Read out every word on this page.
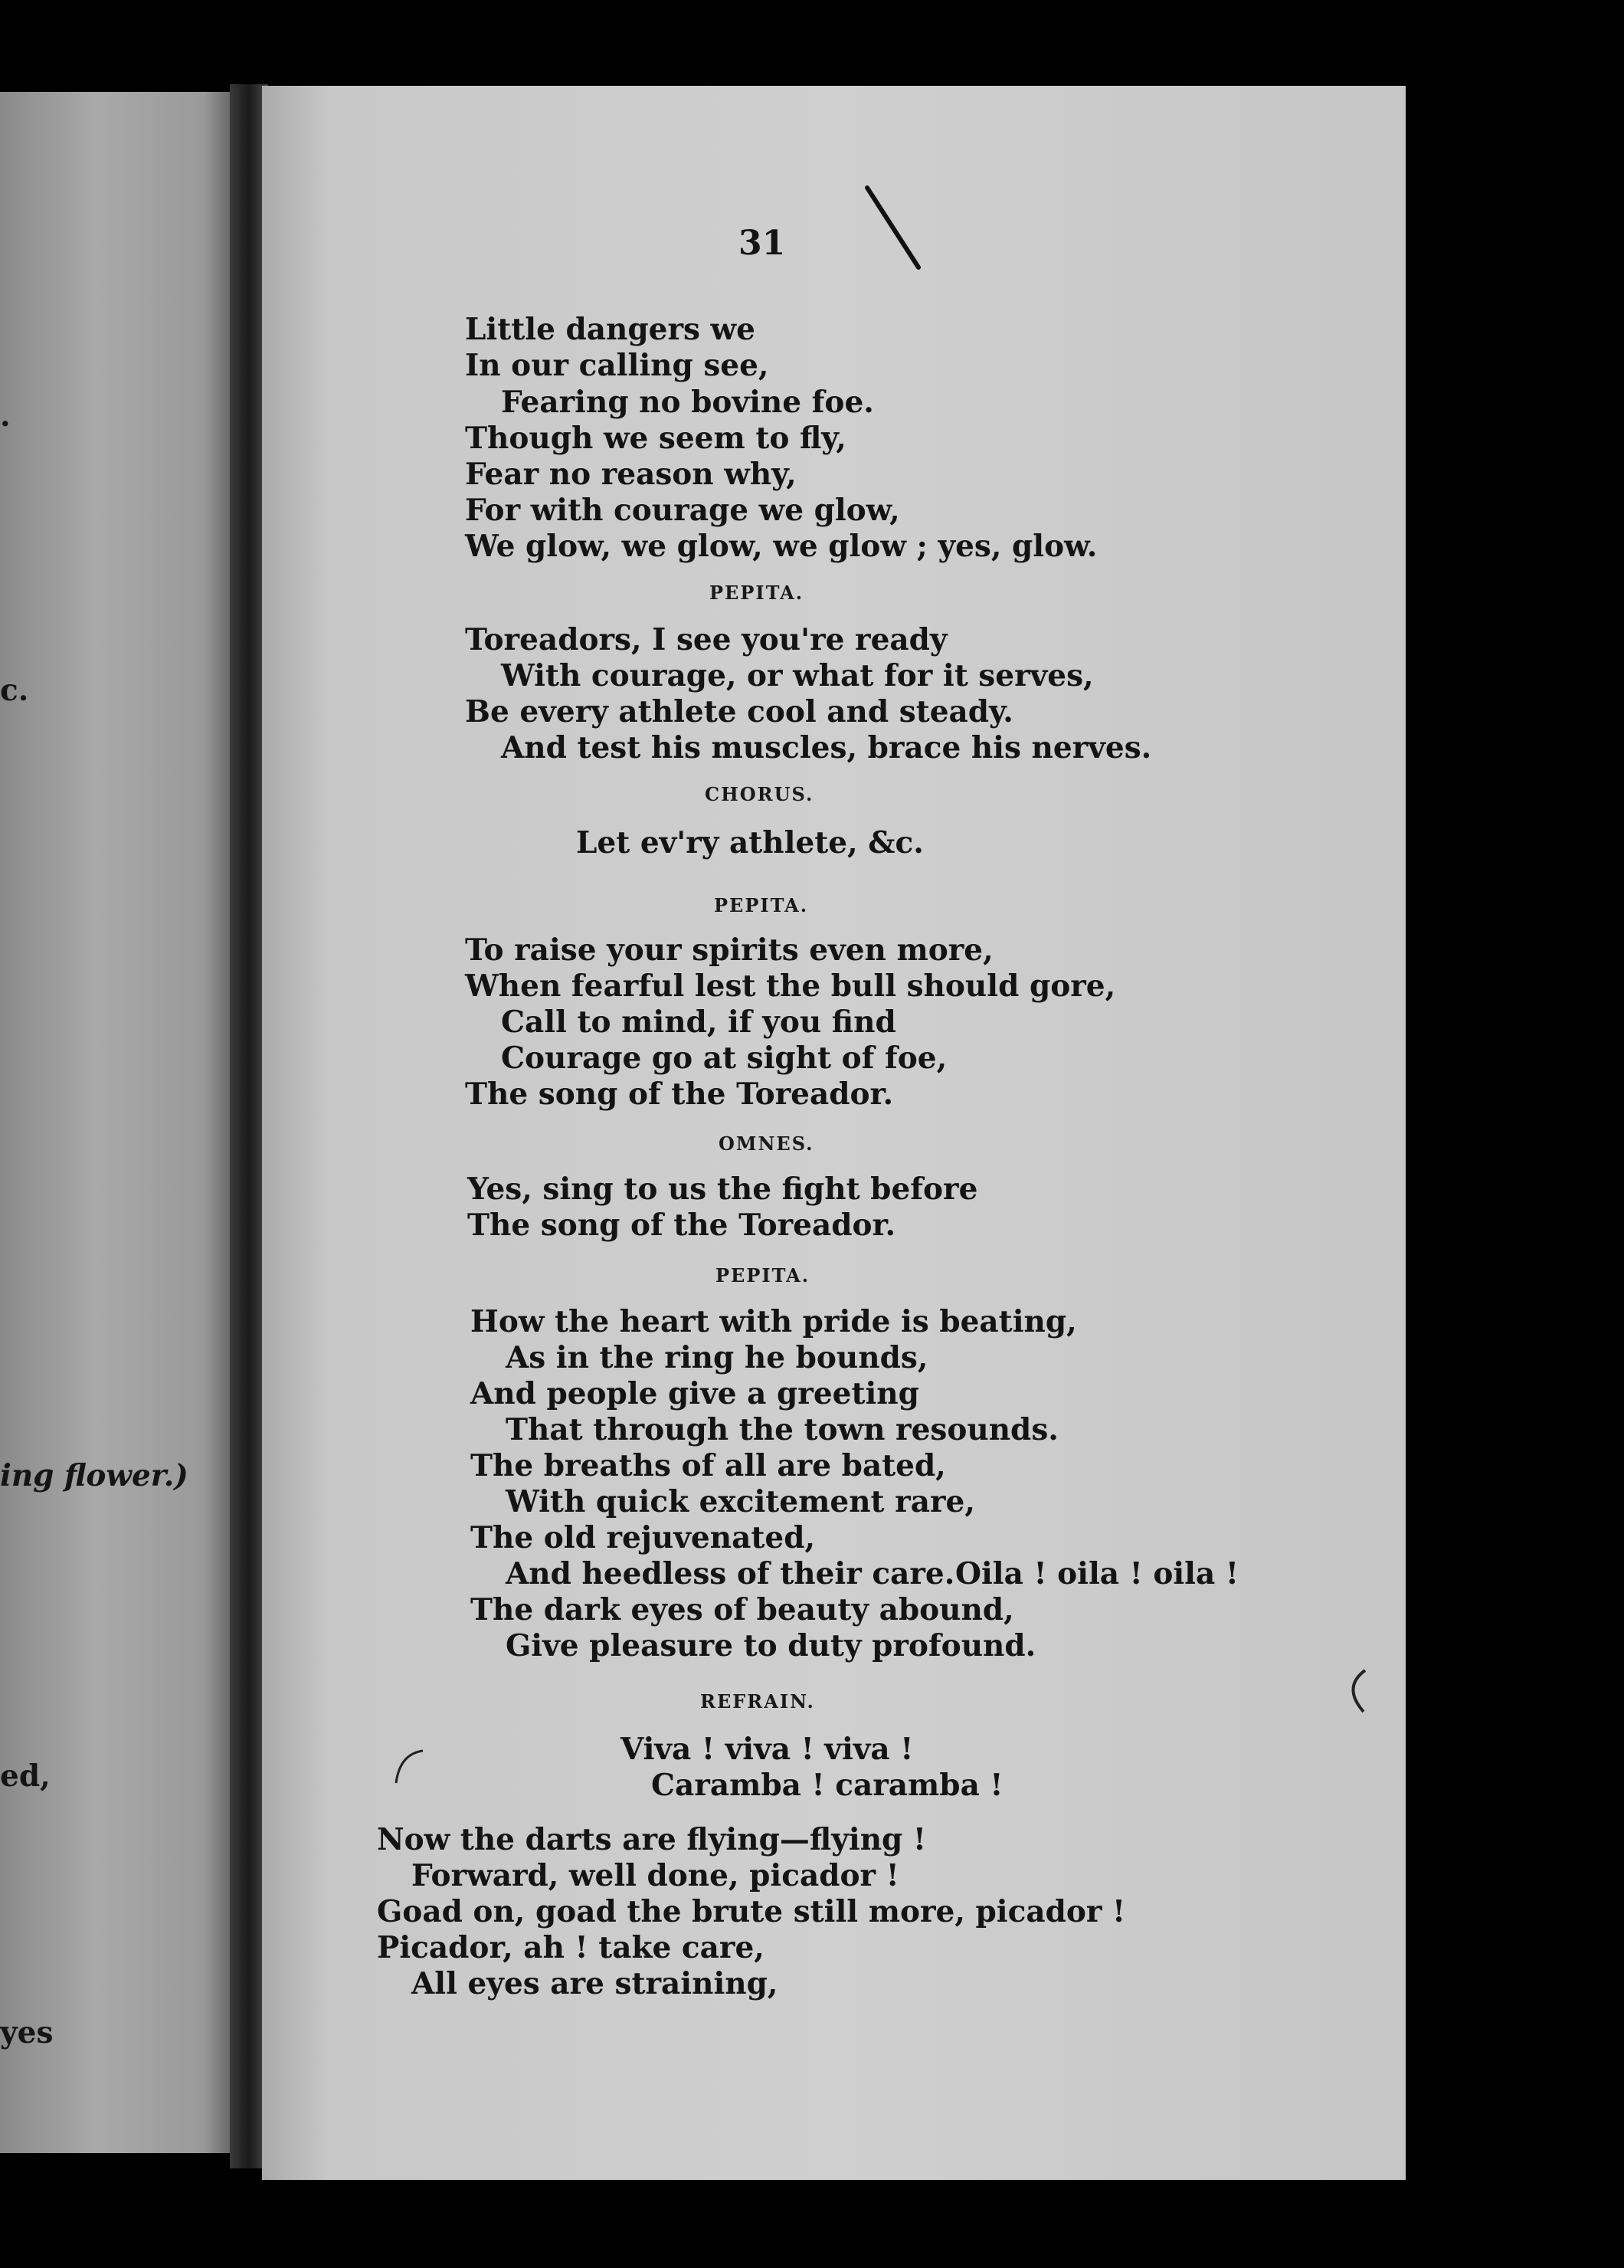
.
c.
ing flower.)
ed,
yes
31
Little dangers we
In our calling see,
Fearing no bovine foe.
Though we seem to fly,
Fear no reason why,
For with courage we glow,
We glow, we glow, we glow ; yes, glow.
PEPITA.
Toreadors, I see you're ready
With courage, or what for it serves,
Be every athlete cool and steady.
And test his muscles, brace his nerves.
CHORUS.
Let ev'ry athlete, &c.
PEPITA.
To raise your spirits even more,
When fearful lest the bull should gore,
Call to mind, if you find
Courage go at sight of foe,
The song of the Toreador.
OMNES.
Yes, sing to us the fight before
The song of the Toreador.
PEPITA.
How the heart with pride is beating,
As in the ring he bounds,
And people give a greeting
That through the town resounds.
The breaths of all are bated,
With quick excitement rare,
The old rejuvenated,
And heedless of their care. Oila ! oila ! oila !
The dark eyes of beauty abound,
Give pleasure to duty profound.
REFRAIN.
Viva ! viva ! viva !
Caramba ! caramba !
Now the darts are flying—flying !
Forward, well done, picador !
Goad on, goad the brute still more, picador !
Picador, ah ! take care,
All eyes are straining,
